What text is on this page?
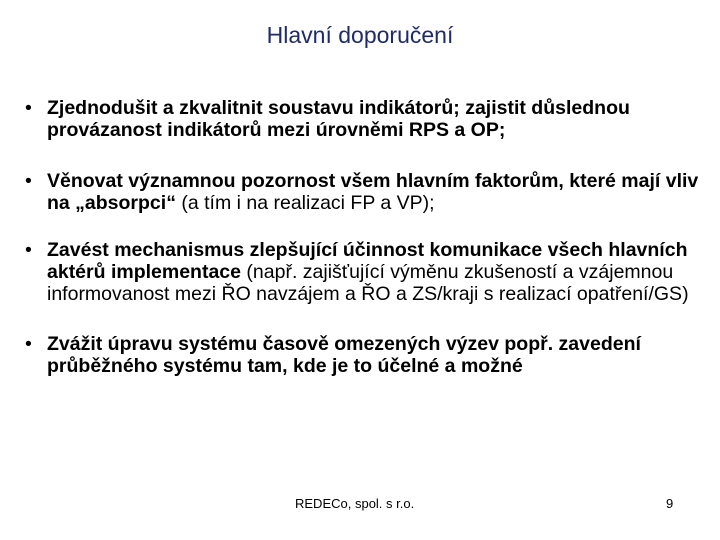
Hlavní doporučení
• Zjednodušit a zkvalitnit soustavu indikátorů; zajistit důslednou provázanost indikátorů mezi úrovněmi RPS a OP;
• Věnovat významnou pozornost všem hlavním faktorům, které mají vliv na „absorpci“ (a tím i na realizaci FP a VP);
• Zavést mechanismus zlepšující účinnost komunikace všech hlavních aktérů implementace (např. zajišťující výměnu zkušeností a vzájemnou informovanost mezi ŘO navzájem a ŘO a ZS/kraji s realizací opatření/GS)
• Zvážit úpravu systému časově omezených výzev popř. zavedení průběžného systému tam, kde je to účelné a možné
REDECo, spol. s r.o.	9
